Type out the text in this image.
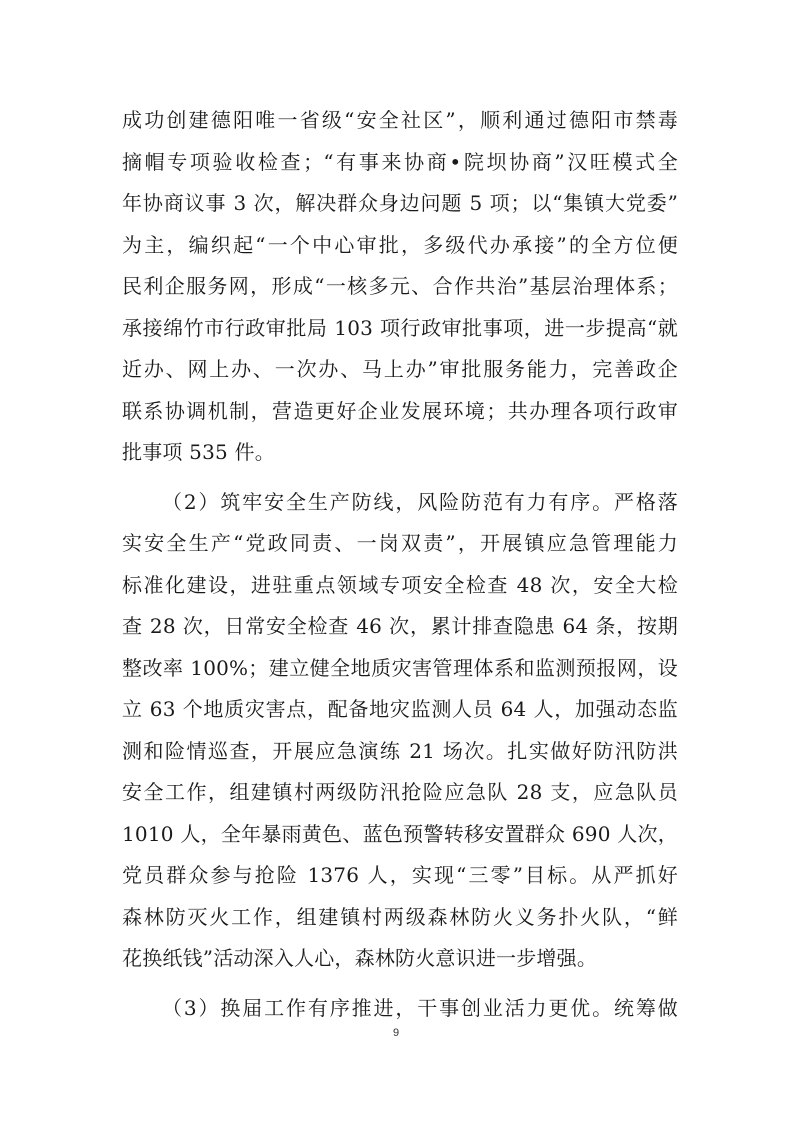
成功创建德阳唯一省级“安全社区”，顺利通过德阳市禁毒
摘帽专项验收检查；“有事来协商•院坝协商”汉旺模式全
年协商议事 3 次，解决群众身边问题 5 项；以“集镇大党委”
为主，编织起“一个中心审批，多级代办承接”的全方位便
民利企服务网，形成“一核多元、合作共治”基层治理体系；
承接绵竹市行政审批局 103 项行政审批事项，进一步提高“就
近办、网上办、一次办、马上办”审批服务能力，完善政企
联系协调机制，营造更好企业发展环境；共办理各项行政审
批事项 535 件。
（2）筑牢安全生产防线，风险防范有力有序。严格落
实安全生产“党政同责、一岗双责”，开展镇应急管理能力
标准化建设，进驻重点领域专项安全检查 48 次，安全大检
查 28 次，日常安全检查 46 次，累计排查隐患 64 条，按期
整改率 100%；建立健全地质灾害管理体系和监测预报网，设
立 63 个地质灾害点，配备地灾监测人员 64 人，加强动态监
测和险情巡查，开展应急演练 21 场次。扎实做好防汛防洪
安全工作，组建镇村两级防汛抢险应急队 28 支，应急队员
1010 人，全年暴雨黄色、蓝色预警转移安置群众 690 人次，
党员群众参与抢险 1376 人，实现“三零”目标。从严抓好
森林防灭火工作，组建镇村两级森林防火义务扑火队，“鲜
花换纸钱”活动深入人心，森林防火意识进一步增强。
（3）换届工作有序推进，干事创业活力更优。统筹做
9
